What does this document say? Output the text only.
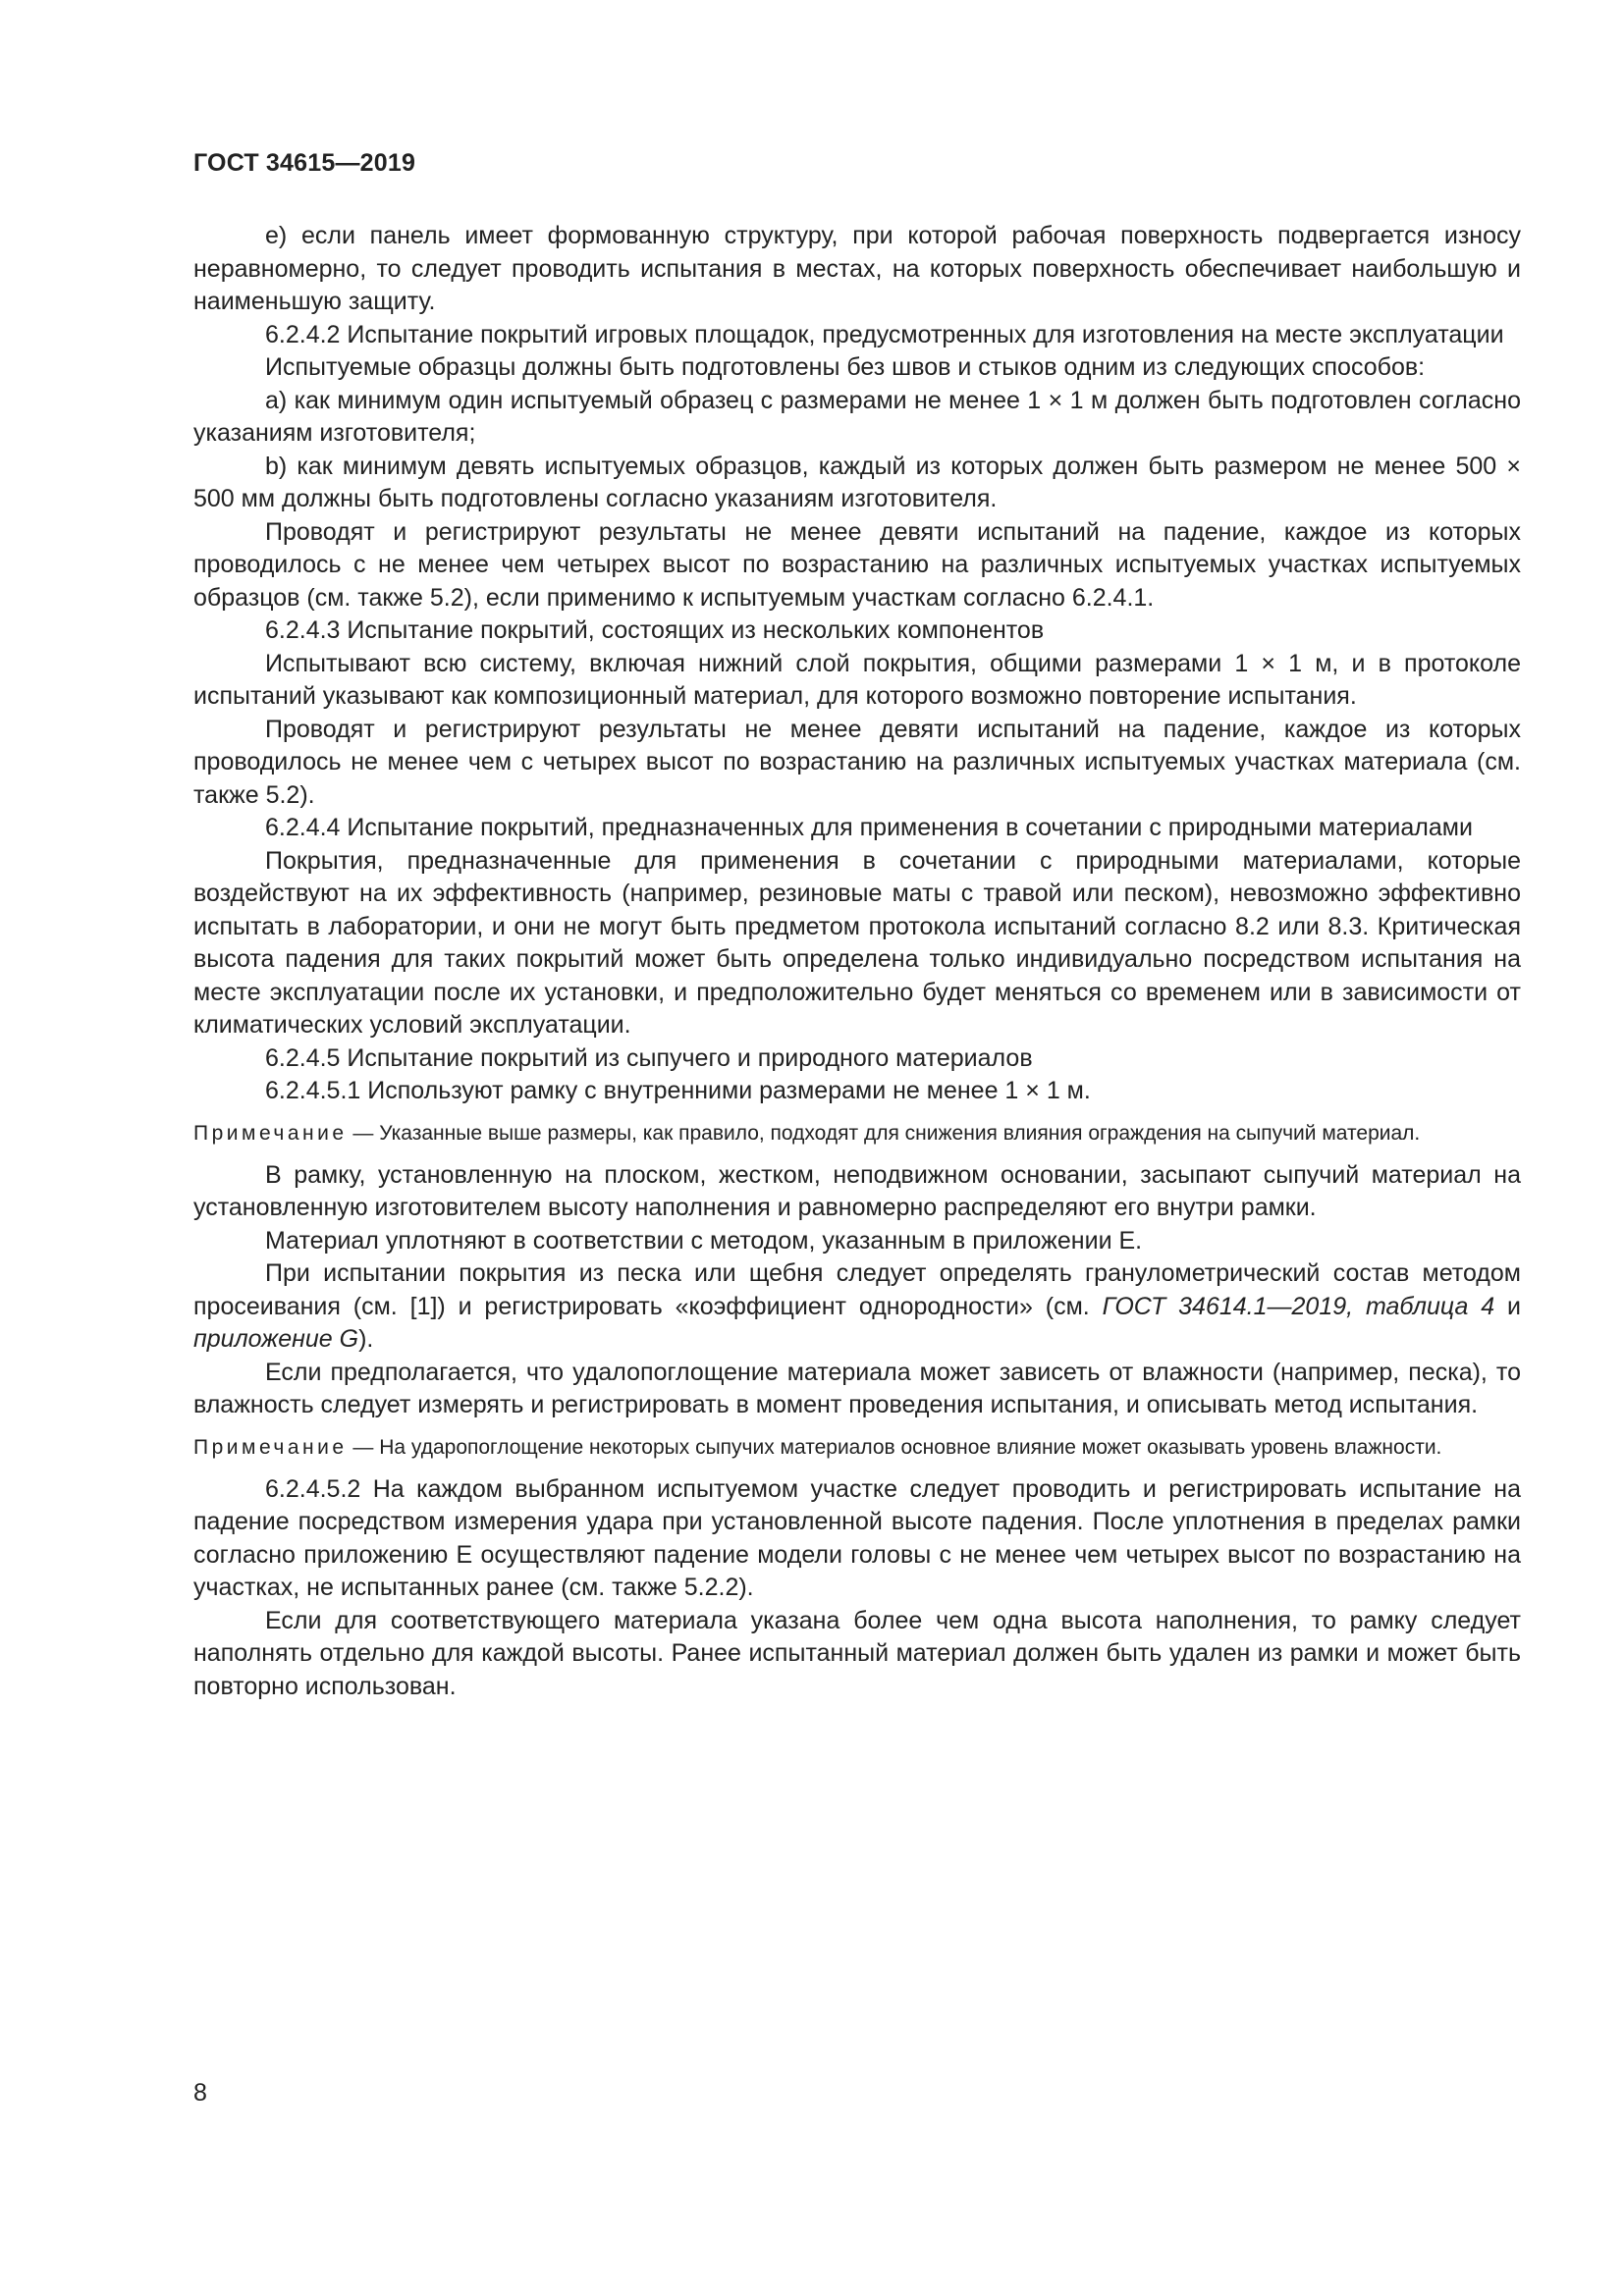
ГОСТ 34615—2019

е) если панель имеет формованную структуру, при которой рабочая поверхность подвергается износу неравномерно, то следует проводить испытания в местах, на которых поверхность обеспечивает наибольшую и наименьшую защиту.

6.2.4.2 Испытание покрытий игровых площадок, предусмотренных для изготовления на месте эксплуатации

Испытуемые образцы должны быть подготовлены без швов и стыков одним из следующих способов:

a) как минимум один испытуемый образец с размерами не менее 1 × 1 м должен быть подготовлен согласно указаниям изготовителя;

b) как минимум девять испытуемых образцов, каждый из которых должен быть размером не менее 500 × 500 мм должны быть подготовлены согласно указаниям изготовителя.

Проводят и регистрируют результаты не менее девяти испытаний на падение, каждое из которых проводилось с не менее чем четырех высот по возрастанию на различных испытуемых участках испытуемых образцов (см. также 5.2), если применимо к испытуемым участкам согласно 6.2.4.1.

6.2.4.3 Испытание покрытий, состоящих из нескольких компонентов

Испытывают всю систему, включая нижний слой покрытия, общими размерами 1 × 1 м, и в протоколе испытаний указывают как композиционный материал, для которого возможно повторение испытания.

Проводят и регистрируют результаты не менее девяти испытаний на падение, каждое из которых проводилось не менее чем с четырех высот по возрастанию на различных испытуемых участках материала (см. также 5.2).

6.2.4.4 Испытание покрытий, предназначенных для применения в сочетании с природными материалами

Покрытия, предназначенные для применения в сочетании с природными материалами, которые воздействуют на их эффективность (например, резиновые маты с травой или песком), невозможно эффективно испытать в лаборатории, и они не могут быть предметом протокола испытаний согласно 8.2 или 8.3. Критическая высота падения для таких покрытий может быть определена только индивидуально посредством испытания на месте эксплуатации после их установки, и предположительно будет меняться со временем или в зависимости от климатических условий эксплуатации.

6.2.4.5 Испытание покрытий из сыпучего и природного материалов

6.2.4.5.1 Используют рамку с внутренними размерами не менее 1 × 1 м.

Примечание — Указанные выше размеры, как правило, подходят для снижения влияния ограждения на сыпучий материал.

В рамку, установленную на плоском, жестком, неподвижном основании, засыпают сыпучий материал на установленную изготовителем высоту наполнения и равномерно распределяют его внутри рамки.

Материал уплотняют в соответствии с методом, указанным в приложении Е.

При испытании покрытия из песка или щебня следует определять гранулометрический состав методом просеивания (см. [1]) и регистрировать «коэффициент однородности» (см. ГОСТ 34614.1—2019, таблица 4 и приложение G).

Если предполагается, что удалопоглощение материала может зависеть от влажности (например, песка), то влажность следует измерять и регистрировать в момент проведения испытания, и описывать метод испытания.

Примечание — На ударопоглощение некоторых сыпучих материалов основное влияние может оказывать уровень влажности.

6.2.4.5.2 На каждом выбранном испытуемом участке следует проводить и регистрировать испытание на падение посредством измерения удара при установленной высоте падения. После уплотнения в пределах рамки согласно приложению Е осуществляют падение модели головы с не менее чем четырех высот по возрастанию на участках, не испытанных ранее (см. также 5.2.2).

Если для соответствующего материала указана более чем одна высота наполнения, то рамку следует наполнять отдельно для каждой высоты. Ранее испытанный материал должен быть удален из рамки и может быть повторно использован.

8
